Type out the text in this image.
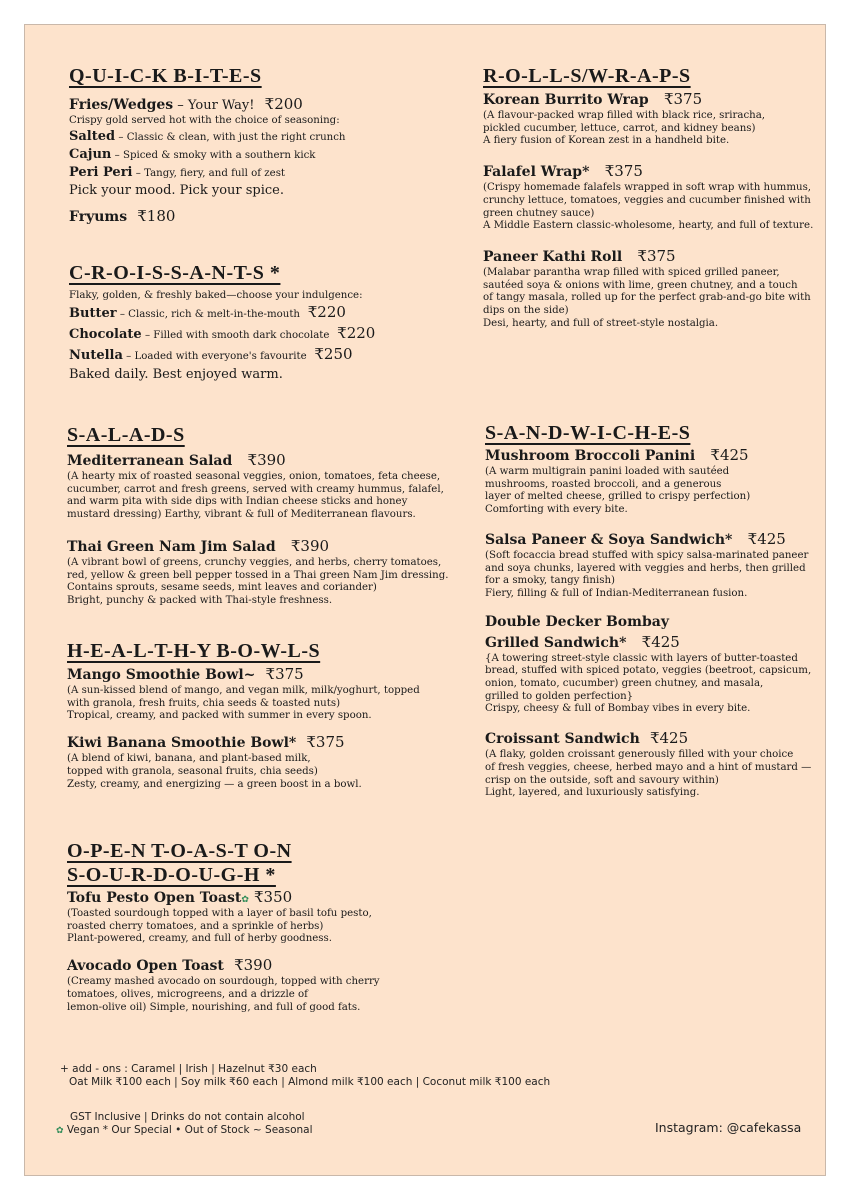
Q-U-I-C-K B-I-T-E-S
Fries/Wedges – Your Way! ₹200
Crispy gold served hot with the choice of seasoning:
Salted – Classic & clean, with just the right crunch
Cajun – Spiced & smoky with a southern kick
Peri Peri – Tangy, fiery, and full of zest
Pick your mood. Pick your spice.
Fryums ₹180
C-R-O-I-S-S-A-N-T-S *
Flaky, golden, & freshly baked—choose your indulgence:
Butter – Classic, rich & melt-in-the-mouth ₹220
Chocolate – Filled with smooth dark chocolate ₹220
Nutella – Loaded with everyone's favourite ₹250
Baked daily. Best enjoyed warm.
S-A-L-A-D-S
Mediterranean Salad ₹390
(A hearty mix of roasted seasonal veggies, onion, tomatoes, feta cheese,
cucumber, carrot and fresh greens, served with creamy hummus, falafel,
and warm pita with side dips with Indian cheese sticks and honey
mustard dressing) Earthy, vibrant & full of Mediterranean flavours.
Thai Green Nam Jim Salad ₹390
(A vibrant bowl of greens, crunchy veggies, and herbs, cherry tomatoes,
red, yellow & green bell pepper tossed in a Thai green Nam Jim dressing.
Contains sprouts, sesame seeds, mint leaves and coriander)
Bright, punchy & packed with Thai-style freshness.
H-E-A-L-T-H-Y B-O-W-L-S
Mango Smoothie Bowl~ ₹375
(A sun-kissed blend of mango, and vegan milk, milk/yoghurt, topped
with granola, fresh fruits, chia seeds & toasted nuts)
Tropical, creamy, and packed with summer in every spoon.
Kiwi Banana Smoothie Bowl* ₹375
(A blend of kiwi, banana, and plant-based milk,
topped with granola, seasonal fruits, chia seeds)
Zesty, creamy, and energizing — a green boost in a bowl.
O-P-E-N T-O-A-S-T O-N
S-O-U-R-D-O-U-G-H *
Tofu Pesto Open Toast✿ ₹350
(Toasted sourdough topped with a layer of basil tofu pesto,
roasted cherry tomatoes, and a sprinkle of herbs)
Plant-powered, creamy, and full of herby goodness.
Avocado Open Toast ₹390
(Creamy mashed avocado on sourdough, topped with cherry
tomatoes, olives, microgreens, and a drizzle of
lemon-olive oil) Simple, nourishing, and full of good fats.
R-O-L-L-S/W-R-A-P-S
Korean Burrito Wrap ₹375
(A flavour-packed wrap filled with black rice, sriracha,
pickled cucumber, lettuce, carrot, and kidney beans)
A fiery fusion of Korean zest in a handheld bite.
Falafel Wrap* ₹375
(Crispy homemade falafels wrapped in soft wrap with hummus,
crunchy lettuce, tomatoes, veggies and cucumber finished with
green chutney sauce)
A Middle Eastern classic-wholesome, hearty, and full of texture.
Paneer Kathi Roll ₹375
(Malabar parantha wrap filled with spiced grilled paneer,
sautéed soya & onions with lime, green chutney, and a touch
of tangy masala, rolled up for the perfect grab-and-go bite with
dips on the side)
Desi, hearty, and full of street-style nostalgia.
S-A-N-D-W-I-C-H-E-S
Mushroom Broccoli Panini ₹425
(A warm multigrain panini loaded with sautéed
mushrooms, roasted broccoli, and a generous
layer of melted cheese, grilled to crispy perfection)
Comforting with every bite.
Salsa Paneer & Soya Sandwich* ₹425
(Soft focaccia bread stuffed with spicy salsa-marinated paneer
and soya chunks, layered with veggies and herbs, then grilled
for a smoky, tangy finish)
Fiery, filling & full of Indian-Mediterranean fusion.
Double Decker Bombay
Grilled Sandwich* ₹425
{A towering street-style classic with layers of butter-toasted
bread, stuffed with spiced potato, veggies (beetroot, capsicum,
onion, tomato, cucumber) green chutney, and masala,
grilled to golden perfection}
Crispy, cheesy & full of Bombay vibes in every bite.
Croissant Sandwich ₹425
(A flaky, golden croissant generously filled with your choice
of fresh veggies, cheese, herbed mayo and a hint of mustard —
crisp on the outside, soft and savoury within)
Light, layered, and luxuriously satisfying.
+ add - ons : Caramel | Irish | Hazelnut ₹30 each
Oat Milk ₹100 each | Soy milk ₹60 each | Almond milk ₹100 each | Coconut milk ₹100 each
GST Inclusive | Drinks do not contain alcohol
✿ Vegan * Our Special • Out of Stock ~ Seasonal	Instagram: @cafekassa
